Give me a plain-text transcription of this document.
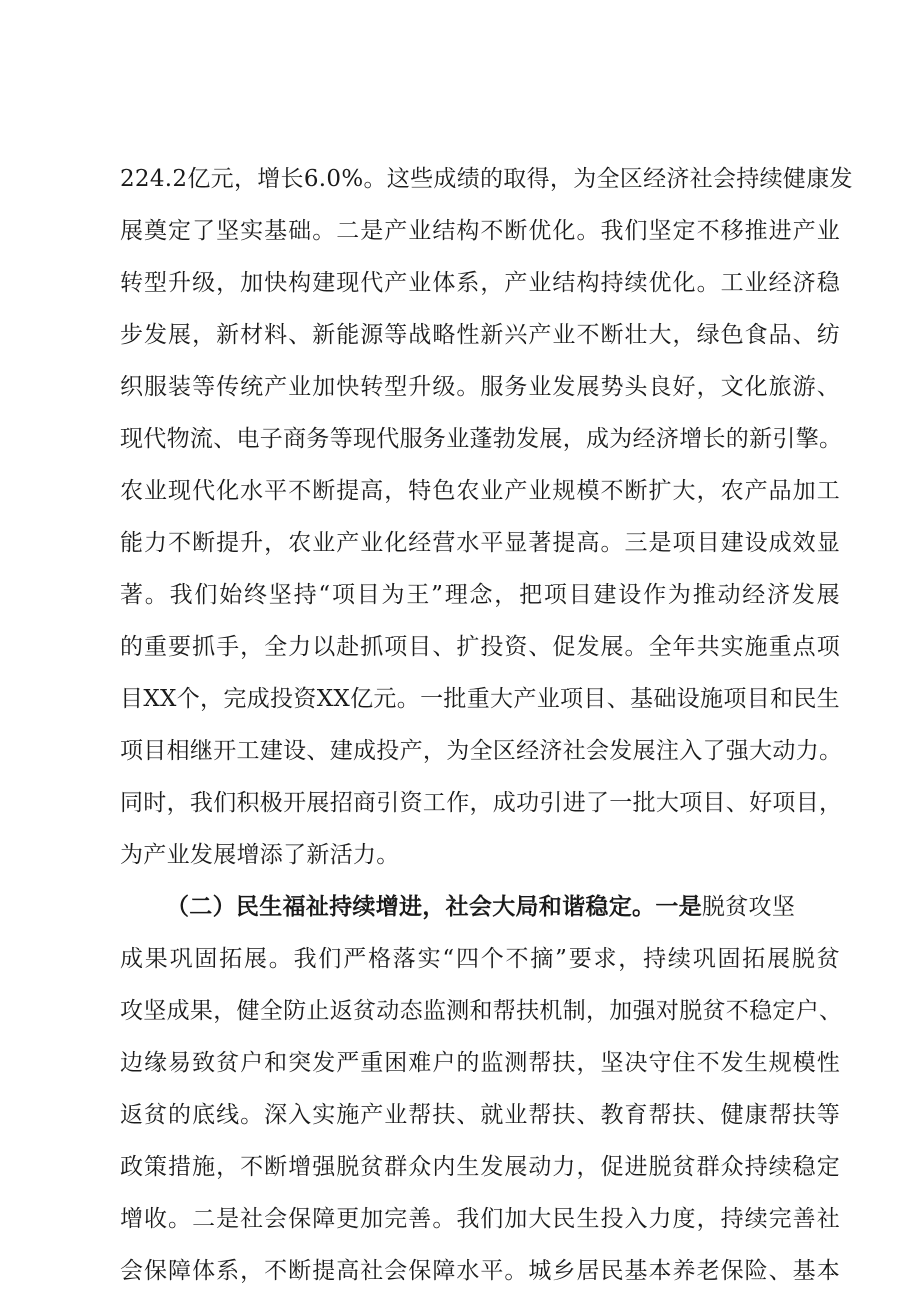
224.2亿元，增长6.0%。这些成绩的取得，为全区经济社会持续健康发
展奠定了坚实基础。二是产业结构不断优化。我们坚定不移推进产业
转型升级，加快构建现代产业体系，产业结构持续优化。工业经济稳
步发展，新材料、新能源等战略性新兴产业不断壮大，绿色食品、纺
织服装等传统产业加快转型升级。服务业发展势头良好，文化旅游、
现代物流、电子商务等现代服务业蓬勃发展，成为经济增长的新引擎。
农业现代化水平不断提高，特色农业产业规模不断扩大，农产品加工
能力不断提升，农业产业化经营水平显著提高。三是项目建设成效显
著。我们始终坚持“项目为王”理念，把项目建设作为推动经济发展
的重要抓手，全力以赴抓项目、扩投资、促发展。全年共实施重点项
目XX个，完成投资XX亿元。一批重大产业项目、基础设施项目和民生
项目相继开工建设、建成投产，为全区经济社会发展注入了强大动力。
同时，我们积极开展招商引资工作，成功引进了一批大项目、好项目，
为产业发展增添了新活力。
（二）民生福祉持续增进，社会大局和谐稳定。一是脱贫攻坚
成果巩固拓展。我们严格落实“四个不摘”要求，持续巩固拓展脱贫
攻坚成果，健全防止返贫动态监测和帮扶机制，加强对脱贫不稳定户、
边缘易致贫户和突发严重困难户的监测帮扶，坚决守住不发生规模性
返贫的底线。深入实施产业帮扶、就业帮扶、教育帮扶、健康帮扶等
政策措施，不断增强脱贫群众内生发展动力，促进脱贫群众持续稳定
增收。二是社会保障更加完善。我们加大民生投入力度，持续完善社
会保障体系，不断提高社会保障水平。城乡居民基本养老保险、基本
